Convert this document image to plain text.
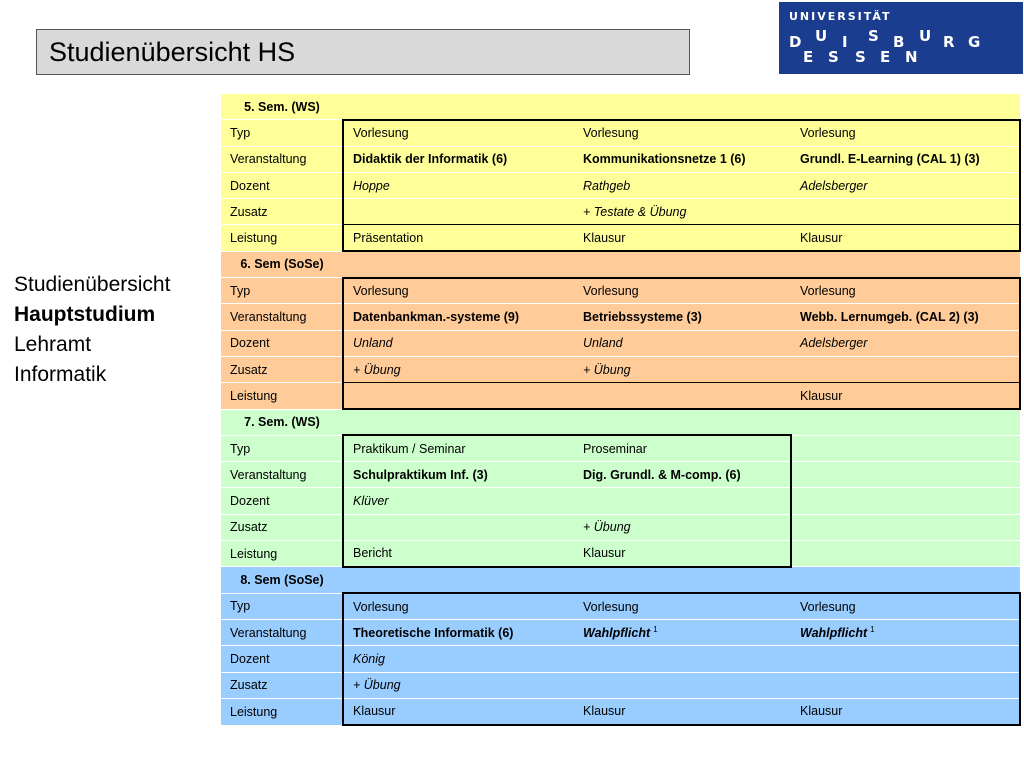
Studienübersicht HS
UNIVERSITÄT
D U I S B U R G
E S S E N
Studienübersicht
Hauptstudium
Lehramt
Informatik
5. Sem. (WS)			
Typ	Vorlesung	Vorlesung	Vorlesung
Veranstaltung	Didaktik der Informatik (6)	Kommunikationsnetze 1 (6)	Grundl. E-Learning (CAL 1) (3)
Dozent	Hoppe	Rathgeb	Adelsberger
Zusatz		+ Testate & Übung	
Leistung	Präsentation	Klausur	Klausur
6. Sem (SoSe)			
Typ	Vorlesung	Vorlesung	Vorlesung
Veranstaltung	Datenbankman.-systeme (9)	Betriebssysteme (3)	Webb. Lernumgeb. (CAL 2) (3)
Dozent	Unland	Unland	Adelsberger
Zusatz	+ Übung	+ Übung	
Leistung			Klausur
7. Sem. (WS)			
Typ	Praktikum / Seminar	Proseminar	
Veranstaltung	Schulpraktikum Inf. (3)	Dig. Grundl. & M-comp. (6)	
Dozent	Klüver		
Zusatz		+ Übung	
Leistung	Bericht	Klausur	
8. Sem (SoSe)			
Typ	Vorlesung	Vorlesung	Vorlesung
Veranstaltung	Theoretische Informatik (6)	Wahlpflicht $^1$	Wahlpflicht $^1$
Dozent	König		
Zusatz	+ Übung		
Leistung	Klausur	Klausur	Klausur
